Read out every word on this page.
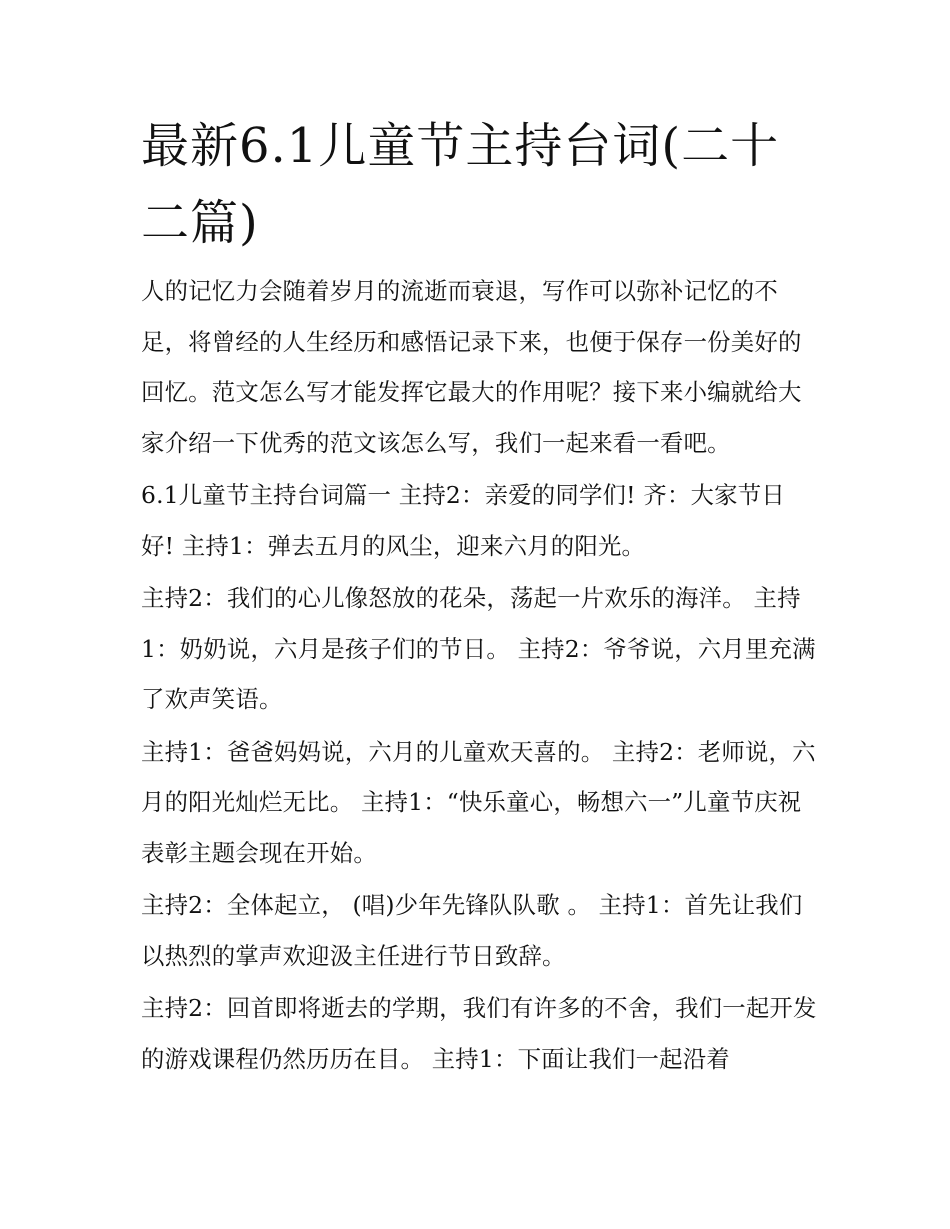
最新6.1儿童节主持台词(二十二篇)

人的记忆力会随着岁月的流逝而衰退，写作可以弥补记忆的不足，将曾经的人生经历和感悟记录下来，也便于保存一份美好的回忆。范文怎么写才能发挥它最大的作用呢？接下来小编就给大家介绍一下优秀的范文该怎么写，我们一起来看一看吧。

6.1儿童节主持台词篇一 主持2：亲爱的同学们! 齐：大家节日好! 主持1：弹去五月的风尘，迎来六月的阳光。

主持2：我们的心儿像怒放的花朵，荡起一片欢乐的海洋。 主持1：奶奶说，六月是孩子们的节日。 主持2：爷爷说，六月里充满了欢声笑语。

主持1：爸爸妈妈说，六月的儿童欢天喜的。 主持2：老师说，六月的阳光灿烂无比。 主持1：“快乐童心，畅想六一”儿童节庆祝表彰主题会现在开始。

主持2：全体起立， (唱)少年先锋队队歌 。 主持1：首先让我们以热烈的掌声欢迎汲主任进行节日致辞。

主持2：回首即将逝去的学期，我们有许多的不舍，我们一起开发的游戏课程仍然历历在目。 主持1：下面让我们一起沿着
